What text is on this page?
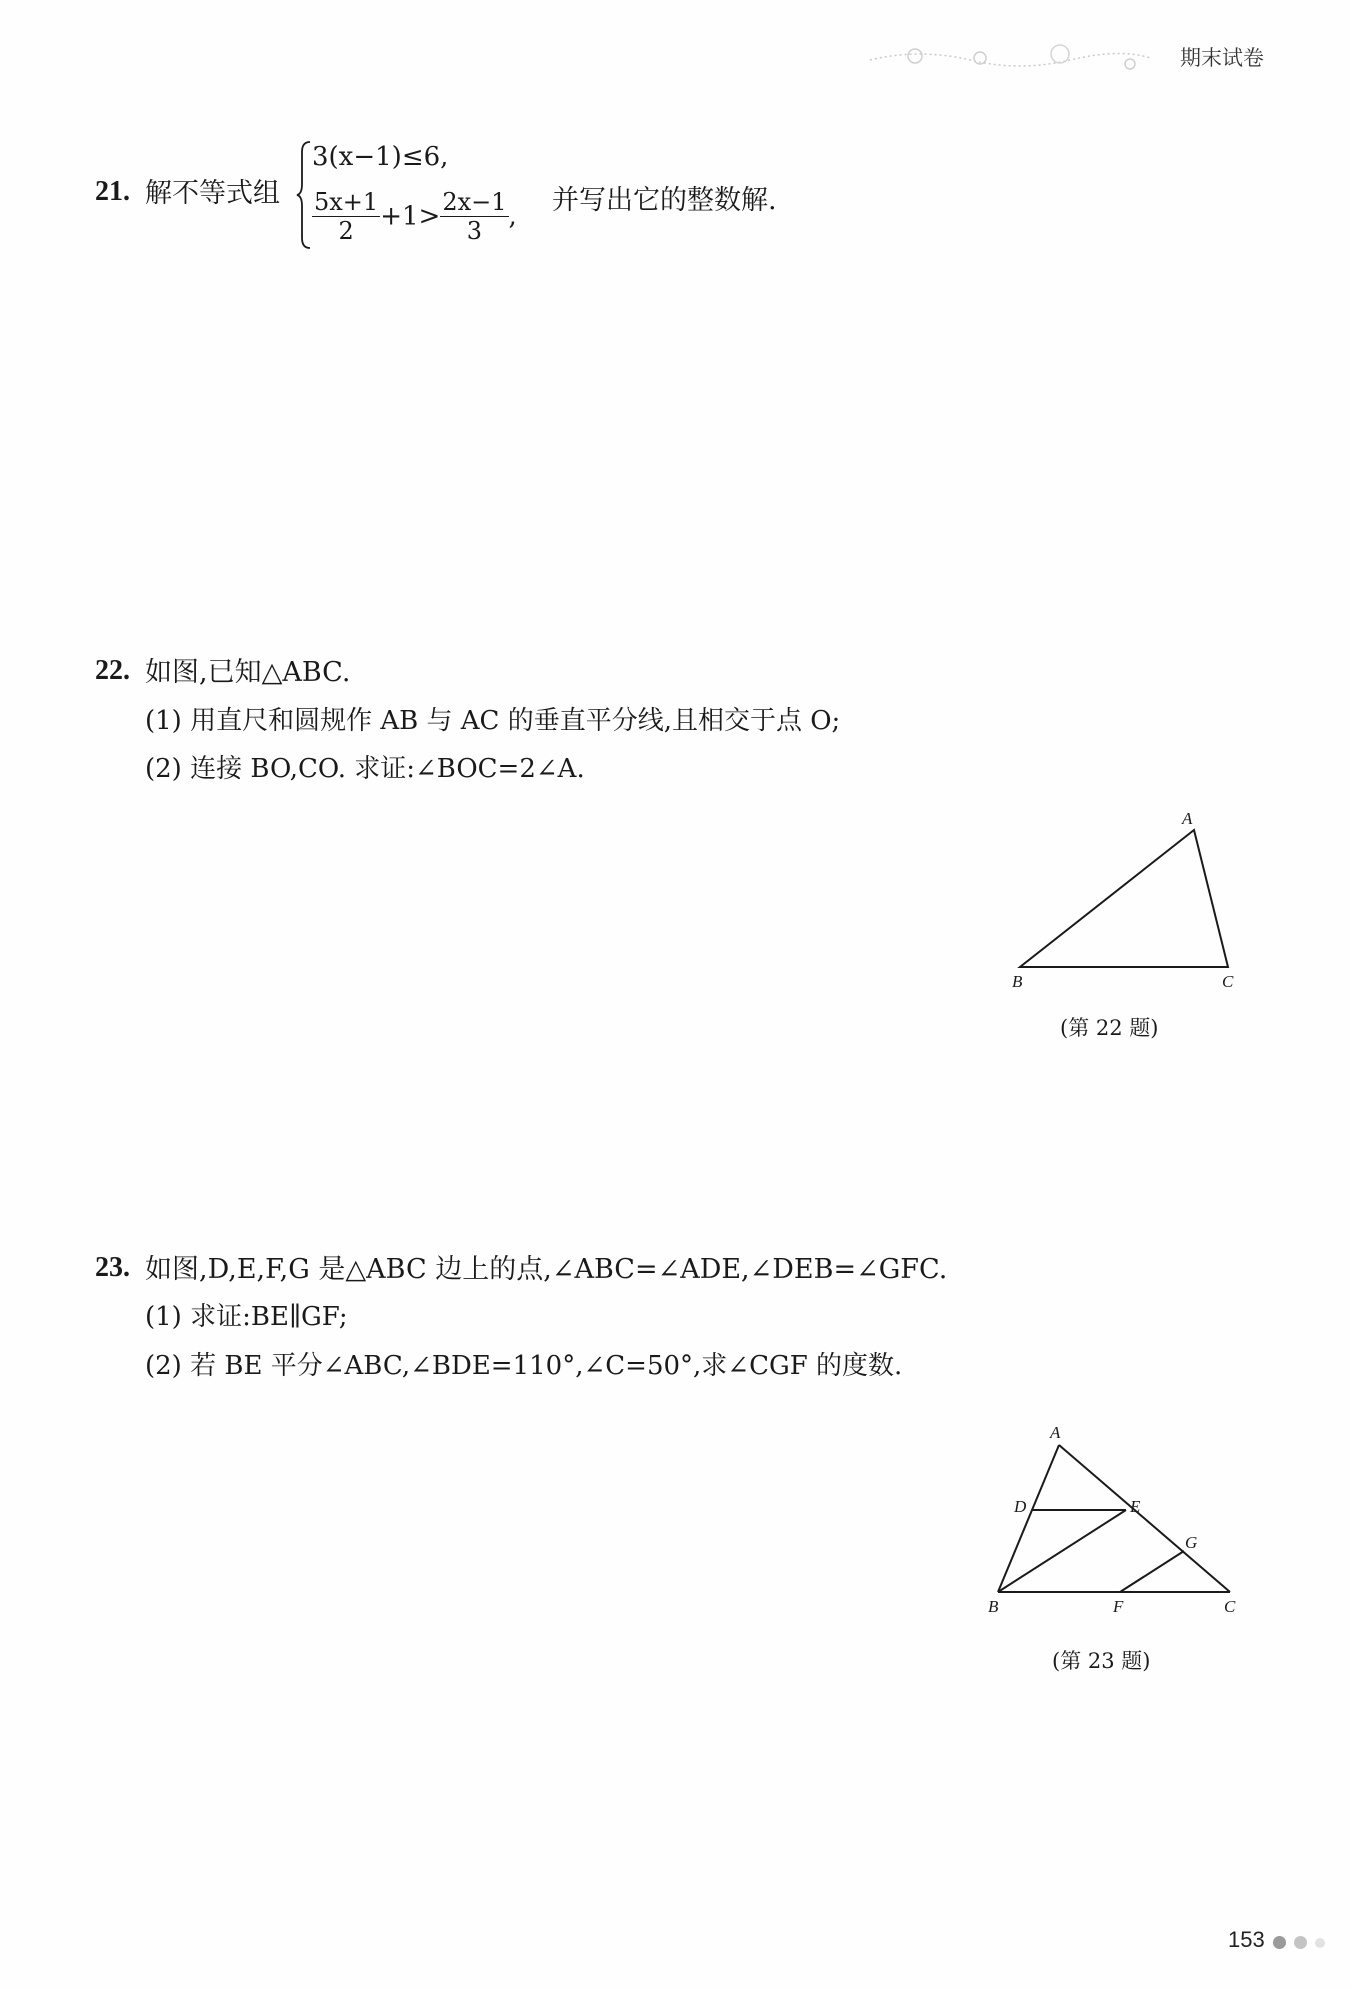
期末试卷
21. 解不等式组
3(x−1)≤6,
$\frac{5x+1}{2} +1> \frac{2x-1}{3}$ ,
并写出它的整数解.
22. 如图,已知△ABC.
(1) 用直尺和圆规作 AB 与 AC 的垂直平分线,且相交于点 O;
(2) 连接 BO,CO. 求证:∠BOC=2∠A.
A
B	C
(第 22 题)
23. 如图,D,E,F,G 是△ABC 边上的点,∠ABC=∠ADE,∠DEB=∠GFC.
(1) 求证:BE∥GF;
(2) 若 BE 平分∠ABC,∠BDE=110°,∠C=50°,求∠CGF 的度数.
A
B	C
D	E
F
G
(第 23 题)
153
